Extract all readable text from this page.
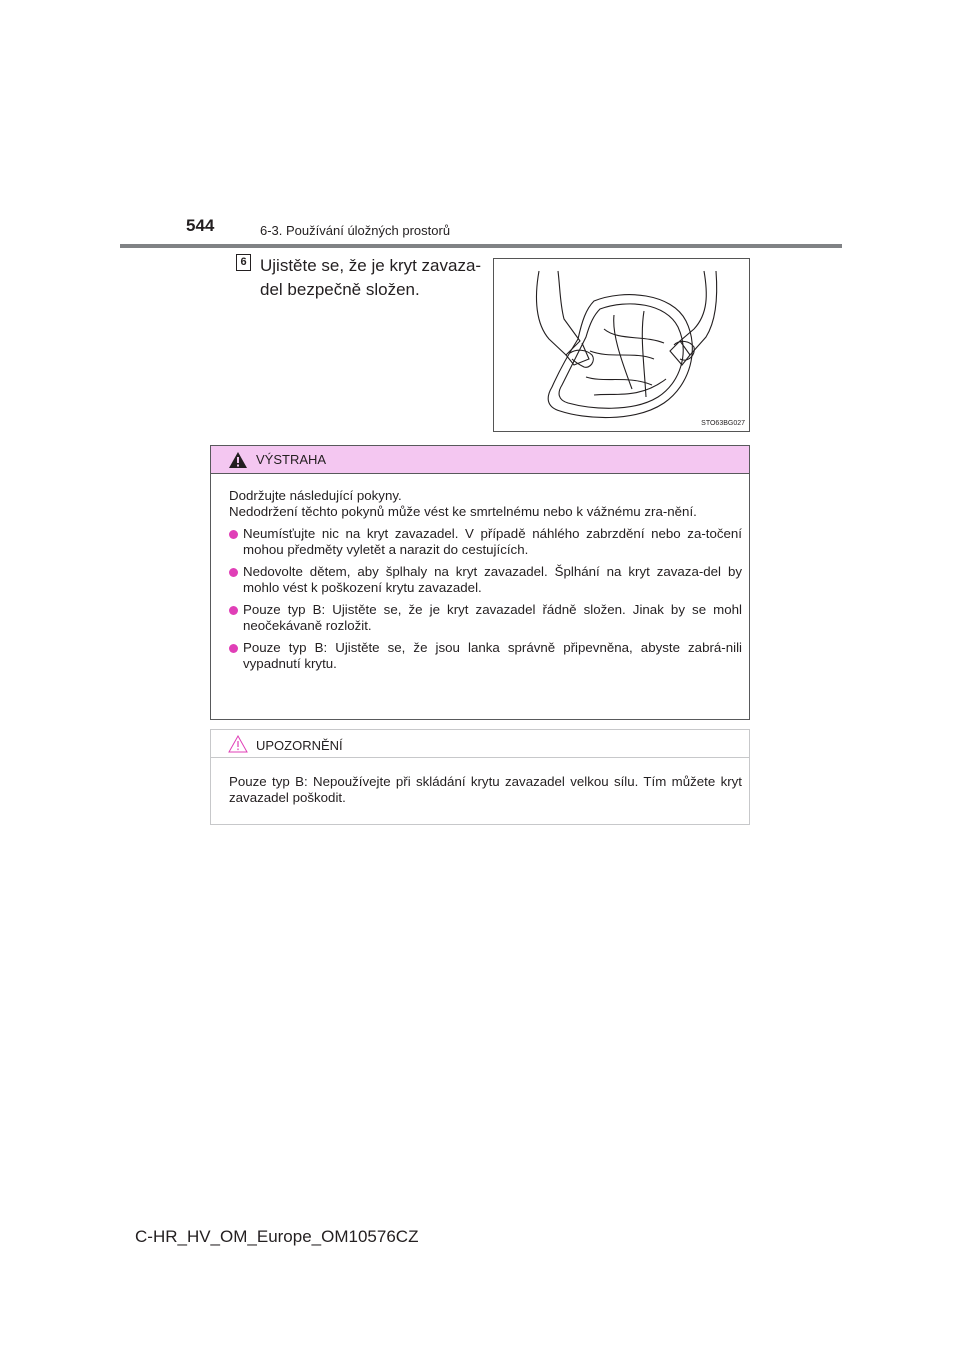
544	6-3. Používání úložných prostorů
6 Ujistěte se, že je kryt zavaza-del bezpečně složen.
STO63BG027
VÝSTRAHA

Dodržujte následující pokyny.

Nedodržení těchto pokynů může vést ke smrtelnému nebo k vážnému zra-nění.

Neumísťujte nic na kryt zavazadel. V případě náhlého zabrzdění nebo za-točení mohou předměty vyletět a narazit do cestujících.
Nedovolte dětem, aby šplhaly na kryt zavazadel. Šplhání na kryt zavaza-del by mohlo vést k poškození krytu zavazadel.
Pouze typ B: Ujistěte se, že je kryt zavazadel řádně složen. Jinak by se mohl neočekávaně rozložit.
Pouze typ B: Ujistěte se, že jsou lanka správně připevněna, abyste zabrá-nili vypadnutí krytu.
UPOZORNĚNÍ
Pouze typ B: Nepoužívejte při skládání krytu zavazadel velkou sílu. Tím můžete kryt zavazadel poškodit.
C-HR_HV_OM_Europe_OM10576CZ
